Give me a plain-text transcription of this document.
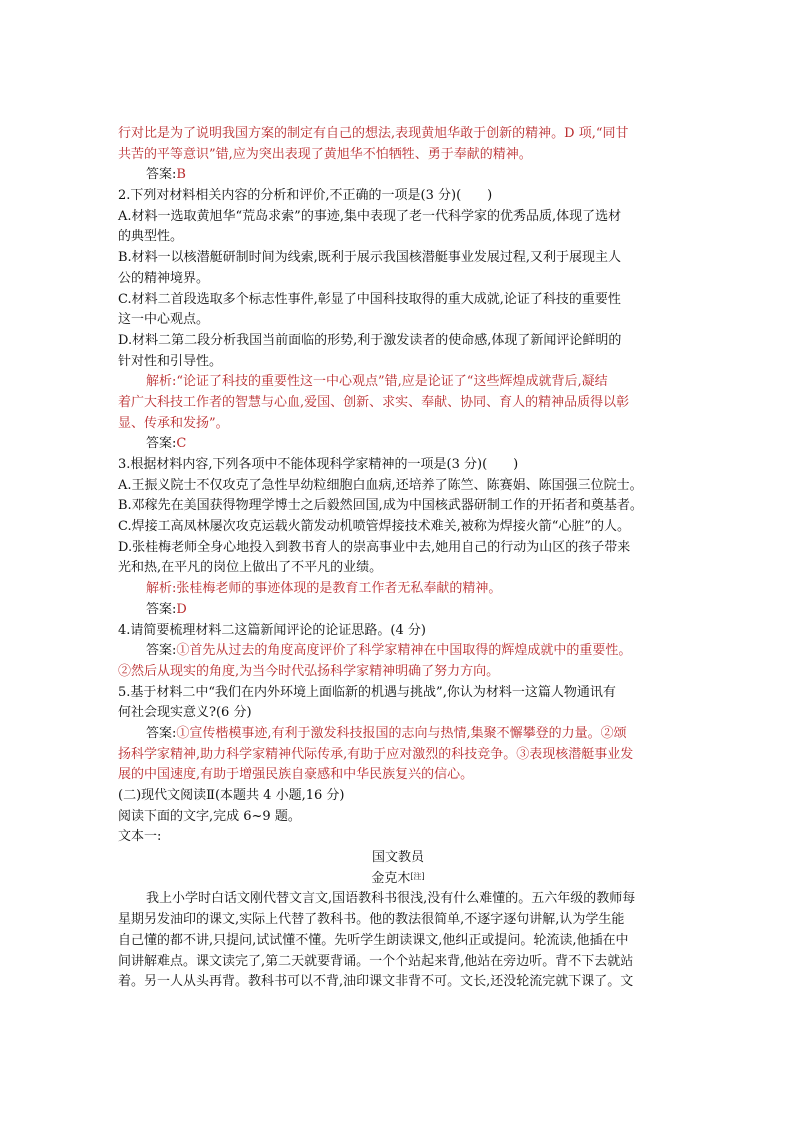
行对比是为了说明我国方案的制定有自己的想法,表现黄旭华敢于创新的精神。D 项,“同甘
共苦的平等意识”错,应为突出表现了黄旭华不怕牺牲、勇于奉献的精神。
答案:B
2.下列对材料相关内容的分析和评价,不正确的一项是(3 分)(　　)
A.材料一选取黄旭华“荒岛求索”的事迹,集中表现了老一代科学家的优秀品质,体现了选材
的典型性。
B.材料一以核潜艇研制时间为线索,既利于展示我国核潜艇事业发展过程,又利于展现主人
公的精神境界。
C.材料二首段选取多个标志性事件,彰显了中国科技取得的重大成就,论证了科技的重要性
这一中心观点。
D.材料二第二段分析我国当前面临的形势,利于激发读者的使命感,体现了新闻评论鲜明的
针对性和引导性。
解析:“论证了科技的重要性这一中心观点”错,应是论证了“这些辉煌成就背后,凝结
着广大科技工作者的智慧与心血,爱国、创新、求实、奉献、协同、育人的精神品质得以彰
显、传承和发扬”。
答案:C
3.根据材料内容,下列各项中不能体现科学家精神的一项是(3 分)(　　)
A.王振义院士不仅攻克了急性早幼粒细胞白血病,还培养了陈竺、陈赛娟、陈国强三位院士。
B.邓稼先在美国获得物理学博士之后毅然回国,成为中国核武器研制工作的开拓者和奠基者。
C.焊接工高凤林屡次攻克运载火箭发动机喷管焊接技术难关,被称为焊接火箭“心脏”的人。
D.张桂梅老师全身心地投入到教书育人的崇高事业中去,她用自己的行动为山区的孩子带来
光和热,在平凡的岗位上做出了不平凡的业绩。
解析:张桂梅老师的事迹体现的是教育工作者无私奉献的精神。
答案:D
4.请简要梳理材料二这篇新闻评论的论证思路。(4 分)
答案:①首先从过去的角度高度评价了科学家精神在中国取得的辉煌成就中的重要性。
②然后从现实的角度,为当今时代弘扬科学家精神明确了努力方向。
5.基于材料二中“我们在内外环境上面临新的机遇与挑战”,你认为材料一这篇人物通讯有
何社会现实意义?(6 分)
答案:①宣传楷模事迹,有利于激发科技报国的志向与热情,集聚不懈攀登的力量。②颂
扬科学家精神,助力科学家精神代际传承,有助于应对激烈的科技竞争。③表现核潜艇事业发
展的中国速度,有助于增强民族自豪感和中华民族复兴的信心。
(二)现代文阅读Ⅱ(本题共 4 小题,16 分)
阅读下面的文字,完成 6~9 题。
文本一:
国文教员
金克木[注]
我上小学时白话文刚代替文言文,国语教科书很浅,没有什么难懂的。五六年级的教师每
星期另发油印的课文,实际上代替了教科书。他的教法很简单,不逐字逐句讲解,认为学生能
自己懂的都不讲,只提问,试试懂不懂。先听学生朗读课文,他纠正或提问。轮流读,他插在中
间讲解难点。课文读完了,第二天就要背诵。一个个站起来背,他站在旁边听。背不下去就站
着。另一人从头再背。教科书可以不背,油印课文非背不可。文长,还没轮流完就下课了。文
